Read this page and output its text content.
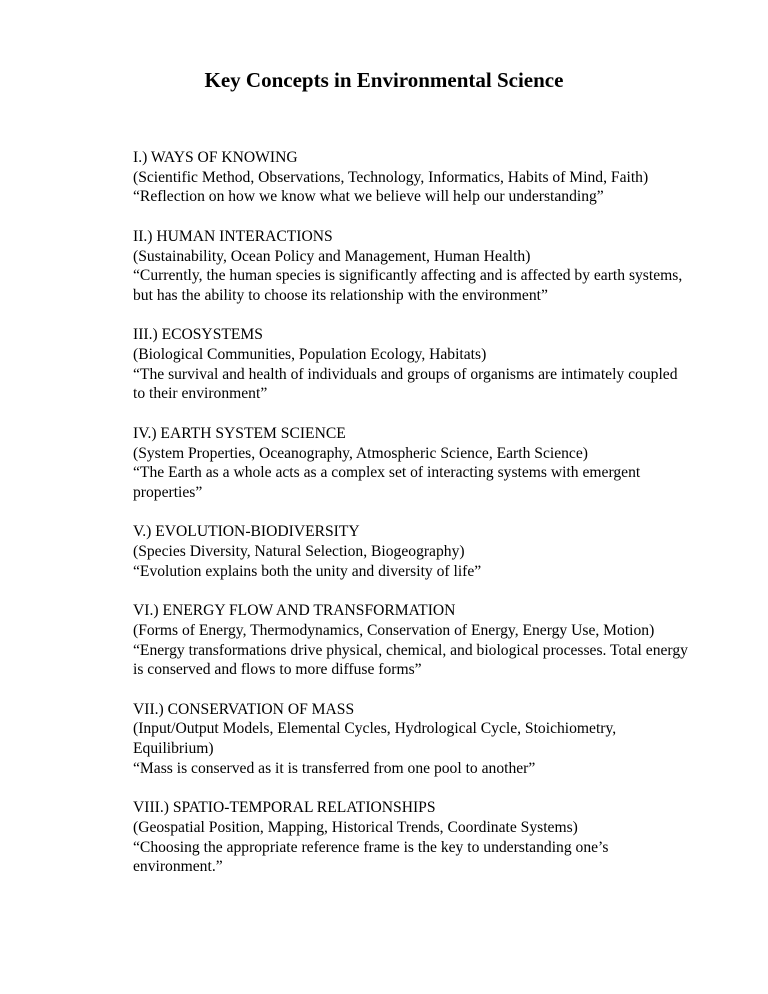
Key Concepts in Environmental Science
I.) WAYS OF KNOWING
(Scientific Method, Observations, Technology, Informatics, Habits of Mind, Faith)
“Reflection on how we know what we believe will help our understanding”
II.) HUMAN INTERACTIONS
(Sustainability, Ocean Policy and Management, Human Health)
“Currently, the human species is significantly affecting and is affected by earth systems,
but has the ability to choose its relationship with the environment”
III.) ECOSYSTEMS
(Biological Communities, Population Ecology, Habitats)
“The survival and health of individuals and groups of organisms are intimately coupled
to their environment”
IV.) EARTH SYSTEM SCIENCE
(System Properties, Oceanography, Atmospheric Science, Earth Science)
“The Earth as a whole acts as a complex set of interacting systems with emergent
properties”
V.) EVOLUTION-BIODIVERSITY
(Species Diversity, Natural Selection, Biogeography)
“Evolution explains both the unity and diversity of life”
VI.) ENERGY FLOW AND TRANSFORMATION
(Forms of Energy, Thermodynamics, Conservation of Energy, Energy Use, Motion)
“Energy transformations drive physical, chemical, and biological processes. Total energy
is conserved and flows to more diffuse forms”
VII.) CONSERVATION OF MASS
(Input/Output Models, Elemental Cycles, Hydrological Cycle, Stoichiometry,
Equilibrium)
“Mass is conserved as it is transferred from one pool to another”
VIII.) SPATIO-TEMPORAL RELATIONSHIPS
(Geospatial Position, Mapping, Historical Trends, Coordinate Systems)
“Choosing the appropriate reference frame is the key to understanding one’s
environment.”
